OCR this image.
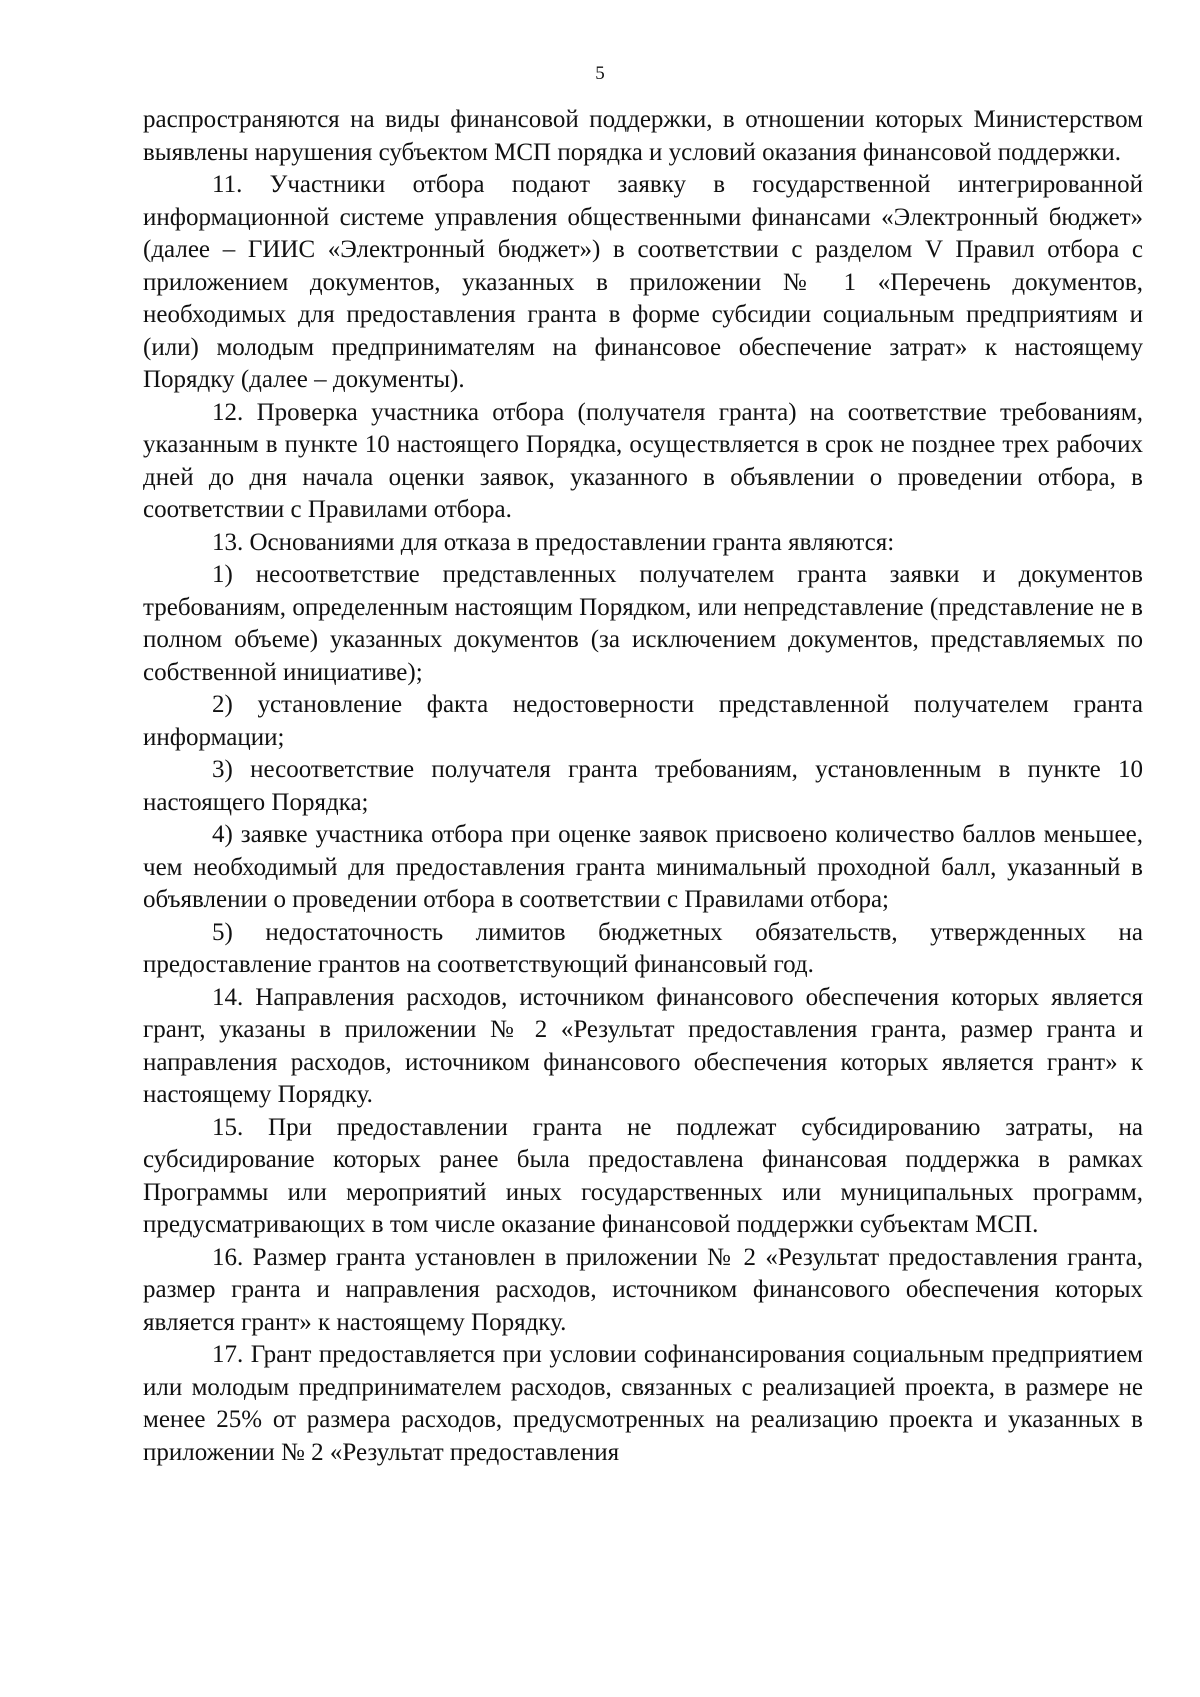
5

распространяются на виды финансовой поддержки, в отношении которых Министерством выявлены нарушения субъектом МСП порядка и условий оказания финансовой поддержки.

11. Участники отбора подают заявку в государственной интегрированной информационной системе управления общественными финансами «Электронный бюджет» (далее – ГИИС «Электронный бюджет») в соответствии с разделом V Правил отбора с приложением документов, указанных в приложении № 1 «Перечень документов, необходимых для предоставления гранта в форме субсидии социальным предприятиям и (или) молодым предпринимателям на финансовое обеспечение затрат» к настоящему Порядку (далее – документы).

12. Проверка участника отбора (получателя гранта) на соответствие требованиям, указанным в пункте 10 настоящего Порядка, осуществляется в срок не позднее трех рабочих дней до дня начала оценки заявок, указанного в объявлении о проведении отбора, в соответствии с Правилами отбора.

13. Основаниями для отказа в предоставлении гранта являются:

1) несоответствие представленных получателем гранта заявки и документов требованиям, определенным настоящим Порядком, или непредставление (представление не в полном объеме) указанных документов (за исключением документов, представляемых по собственной инициативе);

2) установление факта недостоверности представленной получателем гранта информации;

3) несоответствие получателя гранта требованиям, установленным в пункте 10 настоящего Порядка;

4) заявке участника отбора при оценке заявок присвоено количество баллов меньшее, чем необходимый для предоставления гранта минимальный проходной балл, указанный в объявлении о проведении отбора в соответствии с Правилами отбора;

5) недостаточность лимитов бюджетных обязательств, утвержденных на предоставление грантов на соответствующий финансовый год.

14. Направления расходов, источником финансового обеспечения которых является грант, указаны в приложении № 2 «Результат предоставления гранта, размер гранта и направления расходов, источником финансового обеспечения которых является грант» к настоящему Порядку.

15. При предоставлении гранта не подлежат субсидированию затраты, на субсидирование которых ранее была предоставлена финансовая поддержка в рамках Программы или мероприятий иных государственных или муниципальных программ, предусматривающих в том числе оказание финансовой поддержки субъектам МСП.

16. Размер гранта установлен в приложении № 2 «Результат предоставления гранта, размер гранта и направления расходов, источником финансового обеспечения которых является грант» к настоящему Порядку.

17. Грант предоставляется при условии софинансирования социальным предприятием или молодым предпринимателем расходов, связанных с реализацией проекта, в размере не менее 25% от размера расходов, предусмотренных на реализацию проекта и указанных в приложении № 2 «Результат предоставления
